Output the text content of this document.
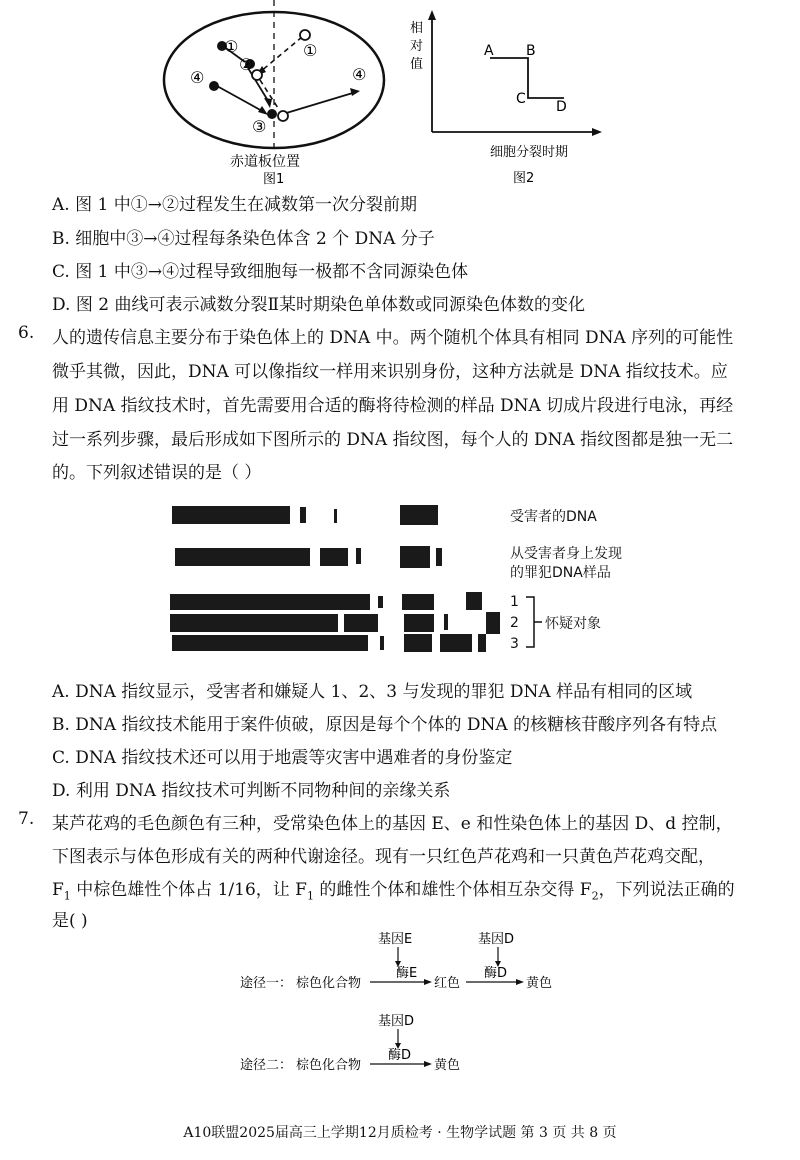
①	①
②
④	④
③
赤道板位置
图1
相
对
值
A B
C D
细胞分裂时期
图2
A. 图 1 中①→②过程发生在减数第一次分裂前期
B. 细胞中③→④过程每条染色体含 2 个 DNA 分子
C. 图 1 中③→④过程导致细胞每一极都不含同源染色体
D. 图 2 曲线可表示减数分裂Ⅱ某时期染色单体数或同源染色体数的变化
6. 人的遗传信息主要分布于染色体上的 DNA 中。两个随机个体具有相同 DNA 序列的可能性
微乎其微，因此，DNA 可以像指纹一样用来识别身份，这种方法就是 DNA 指纹技术。应
用 DNA 指纹技术时，首先需要用合适的酶将待检测的样品 DNA 切成片段进行电泳，再经
过一系列步骤，最后形成如下图所示的 DNA 指纹图，每个人的 DNA 指纹图都是独一无二
的。下列叙述错误的是（ ）
受害者的DNA
从受害者身上发现
的罪犯DNA样品
1
2
3
怀疑对象
A. DNA 指纹显示，受害者和嫌疑人 1、2、3 与发现的罪犯 DNA 样品有相同的区域
B. DNA 指纹技术能用于案件侦破，原因是每个个体的 DNA 的核糖核苷酸序列各有特点
C. DNA 指纹技术还可以用于地震等灾害中遇难者的身份鉴定
D. 利用 DNA 指纹技术可判断不同物种间的亲缘关系
7. 某芦花鸡的毛色颜色有三种，受常染色体上的基因 E、e 和性染色体上的基因 D、d 控制，
下图表示与体色形成有关的两种代谢途径。现有一只红色芦花鸡和一只黄色芦花鸡交配，
$F_1$ 中棕色雄性个体占 1/16，让 $F_1$ 的雌性个体和雄性个体相互杂交得 $F_2$，下列说法正确的
是( )
基因E
酶E
基因D
酶D
途径一： 棕色化合物	红色	黄色
基因D
酶D
途径二： 棕色化合物	黄色
A10联盟2025届高三上学期12月质检考 · 生物学试题 第 3 页 共 8 页
